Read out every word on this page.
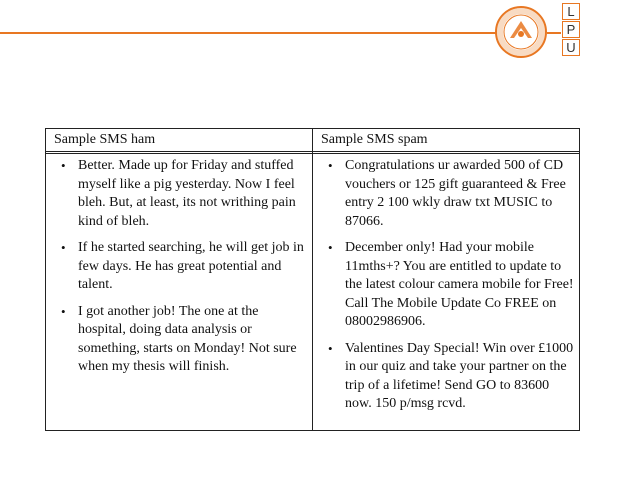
L
P
U
Sample SMS ham	Sample SMS spam
• Better. Made up for Friday and stuffed myself like a pig yesterday. Now I feel bleh. But, at least, its not writhing pain kind of bleh.
• If he started searching, he will get job in few days. He has great potential and talent.
• I got another job! The one at the hospital, doing data analysis or something, starts on Monday! Not sure when my thesis will finish.
• Congratulations ur awarded 500 of CD vouchers or 125 gift guaranteed & Free entry 2 100 wkly draw txt MUSIC to 87066.
• December only! Had your mobile 11mths+? You are entitled to update to the latest colour camera mobile for Free! Call The Mobile Update Co FREE on 08002986906.
• Valentines Day Special! Win over £1000 in our quiz and take your partner on the trip of a lifetime! Send GO to 83600 now. 150 p/msg rcvd.
